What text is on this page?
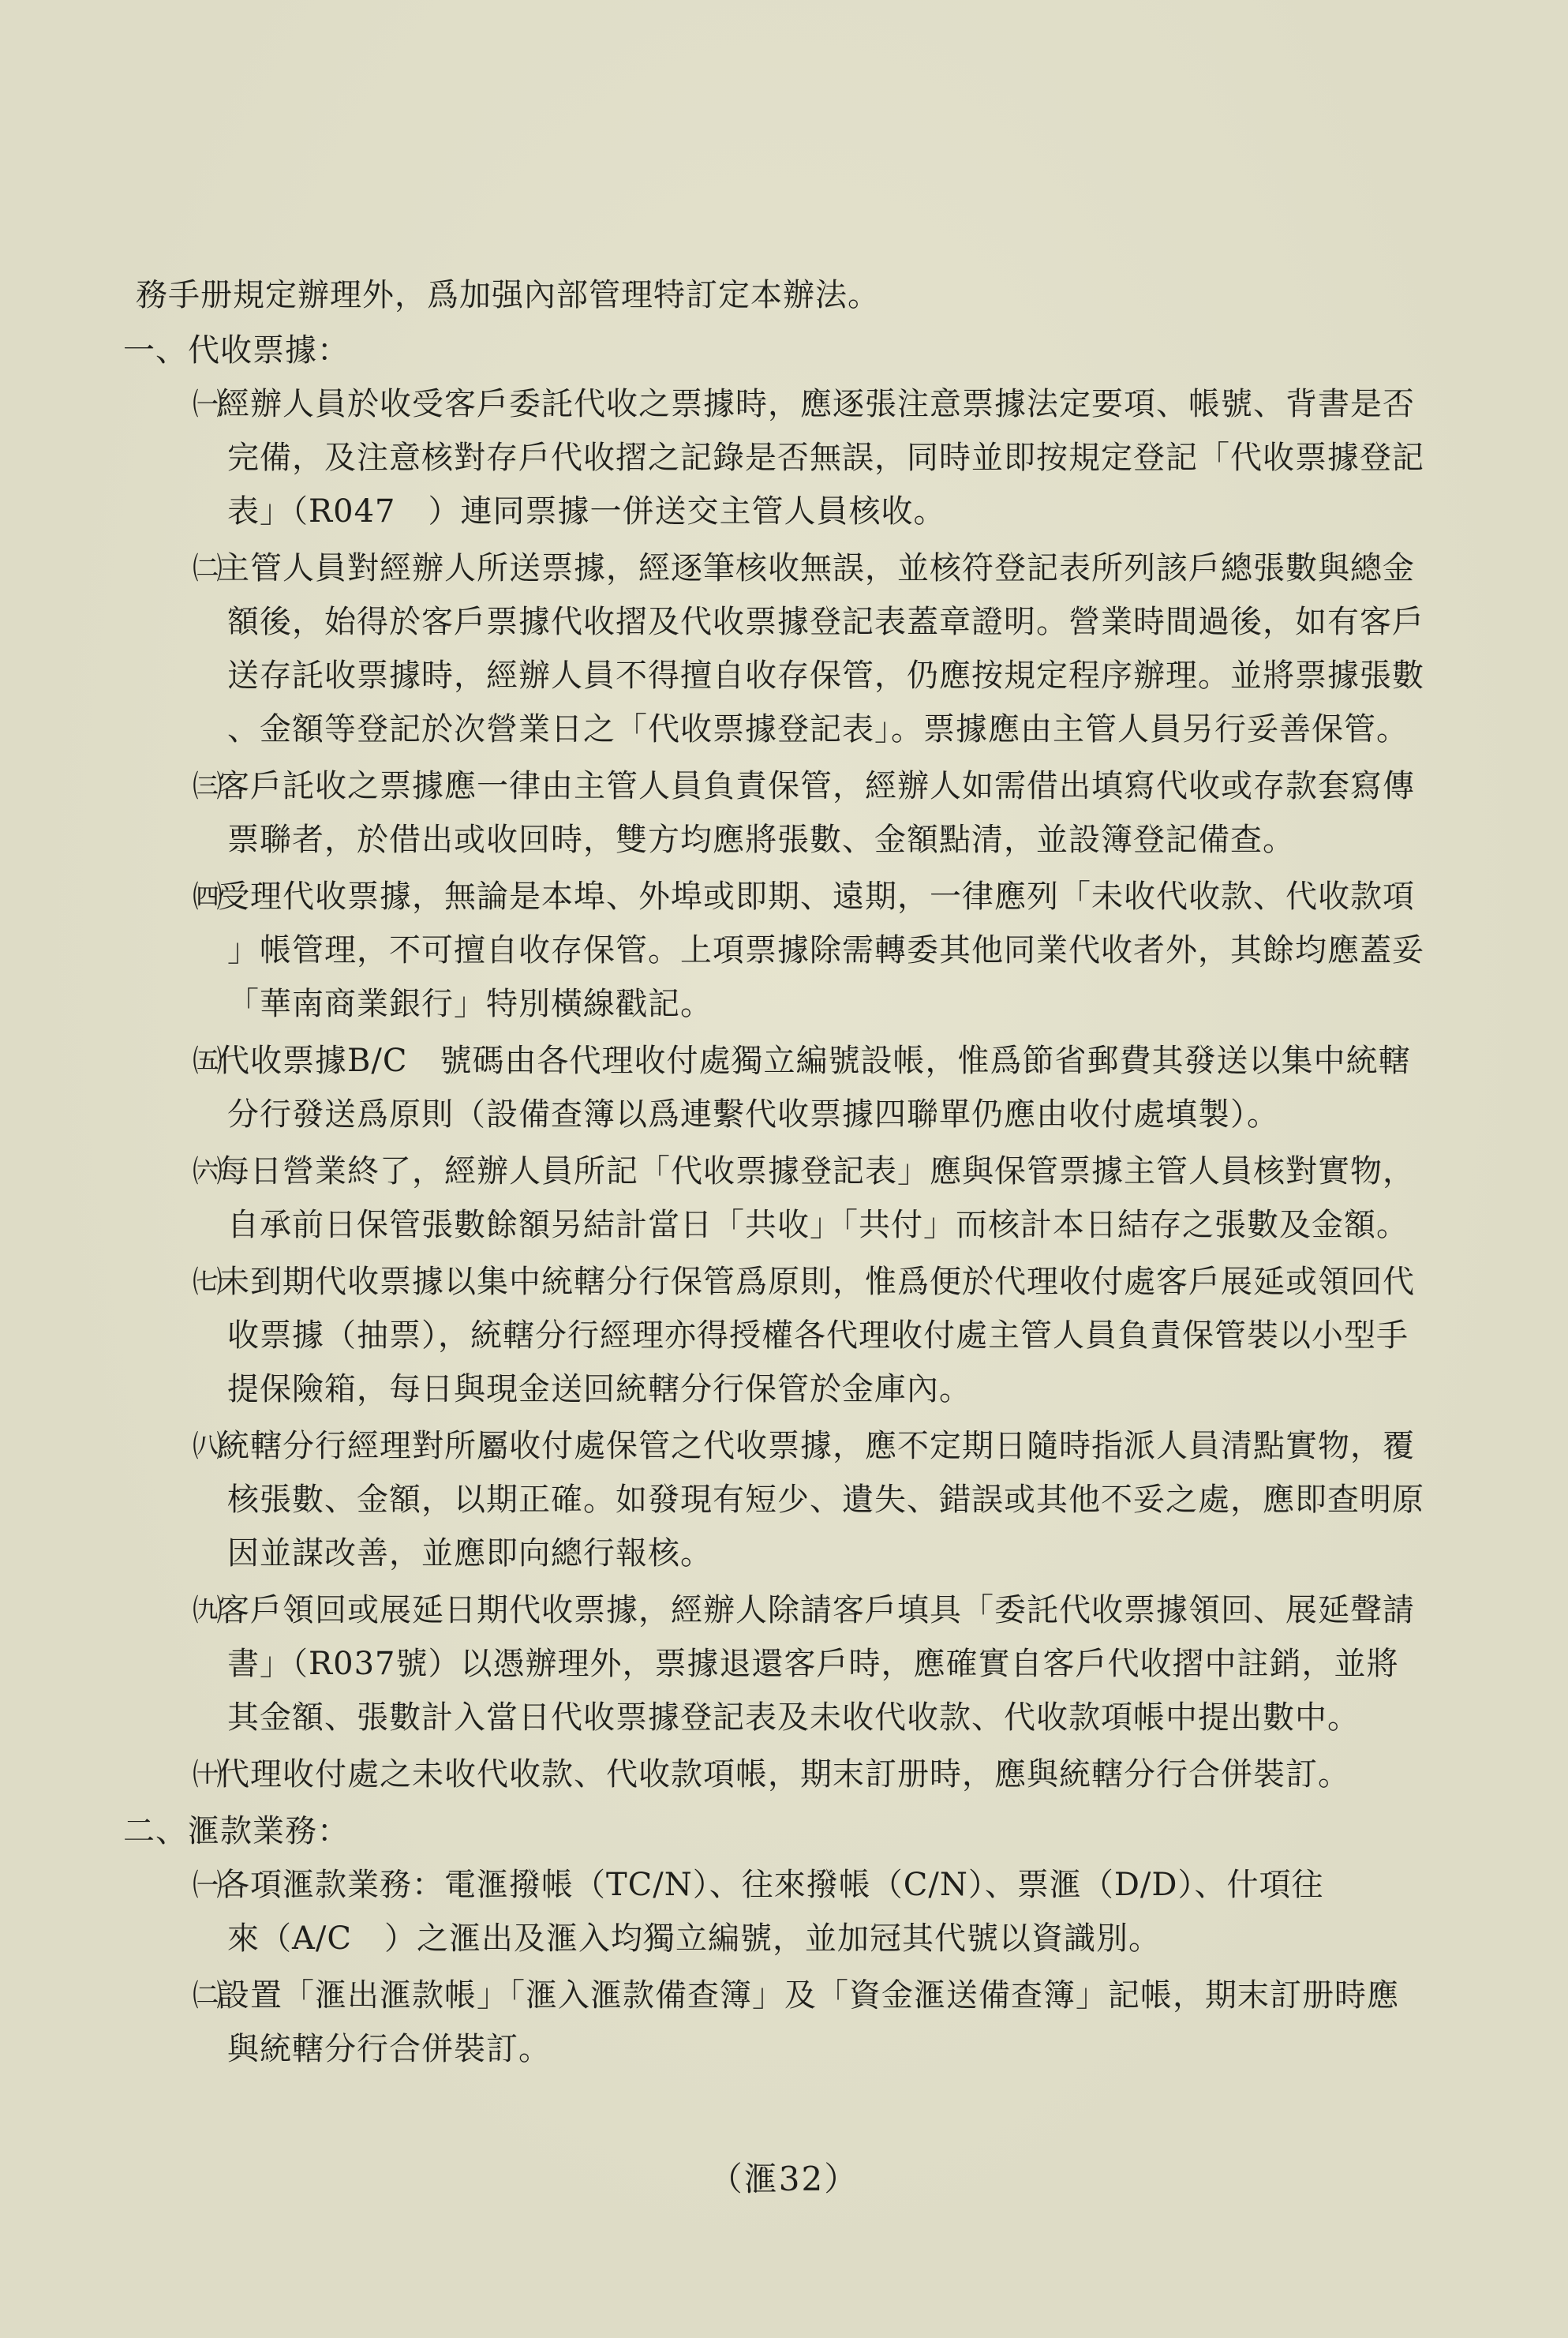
務手册規定辦理外，爲加强內部管理特訂定本辦法。
一、代收票據：
㈠
經辦人員於收受客戶委託代收之票據時，應逐張注意票據法定要項、帳號、背書是否
完備，及注意核對存戶代收摺之記錄是否無誤，同時並即按規定登記「代收票據登記
表」（R047　）連同票據一併送交主管人員核收。
㈡
主管人員對經辦人所送票據，經逐筆核收無誤，並核符登記表所列該戶總張數與總金
額後，始得於客戶票據代收摺及代收票據登記表蓋章證明。營業時間過後，如有客戶
送存託收票據時，經辦人員不得擅自收存保管，仍應按規定程序辦理。並將票據張數
、金額等登記於次營業日之「代收票據登記表」。票據應由主管人員另行妥善保管。
㈢
客戶託收之票據應一律由主管人員負責保管，經辦人如需借出填寫代收或存款套寫傳
票聯者，於借出或收回時，雙方均應將張數、金額點清，並設簿登記備查。
㈣
受理代收票據，無論是本埠、外埠或即期、遠期，一律應列「未收代收款、代收款項
」帳管理，不可擅自收存保管。上項票據除需轉委其他同業代收者外，其餘均應蓋妥
「華南商業銀行」特別橫線戳記。
㈤
代收票據B/C　號碼由各代理收付處獨立編號設帳，惟爲節省郵費其發送以集中統轄
分行發送爲原則（設備查簿以爲連繫代收票據四聯單仍應由收付處填製）。
㈥
每日營業終了，經辦人員所記「代收票據登記表」應與保管票據主管人員核對實物，
自承前日保管張數餘額另結計當日「共收」「共付」而核計本日結存之張數及金額。
㈦
未到期代收票據以集中統轄分行保管爲原則，惟爲便於代理收付處客戶展延或領回代
收票據（抽票），統轄分行經理亦得授權各代理收付處主管人員負責保管裝以小型手
提保險箱，每日與現金送回統轄分行保管於金庫內。
㈧
統轄分行經理對所屬收付處保管之代收票據，應不定期日隨時指派人員清點實物，覆
核張數、金額，以期正確。如發現有短少、遺失、錯誤或其他不妥之處，應即查明原
因並謀改善，並應即向總行報核。
㈨
客戶領回或展延日期代收票據，經辦人除請客戶填具「委託代收票據領回、展延聲請
書」（R037號）以憑辦理外，票據退還客戶時，應確實自客戶代收摺中註銷，並將
其金額、張數計入當日代收票據登記表及未收代收款、代收款項帳中提出數中。
㈩
代理收付處之未收代收款、代收款項帳，期末訂册時，應與統轄分行合併裝訂。
二、滙款業務：
㈠
各項滙款業務：電滙撥帳（TC/N）、往來撥帳（C/N）、票滙（D/D）、什項往
來（A/C　）之滙出及滙入均獨立編號，並加冠其代號以資識別。
㈡
設置「滙出滙款帳」「滙入滙款備查簿」及「資金滙送備查簿」記帳，期末訂册時應
與統轄分行合併裝訂。
（滙32）
